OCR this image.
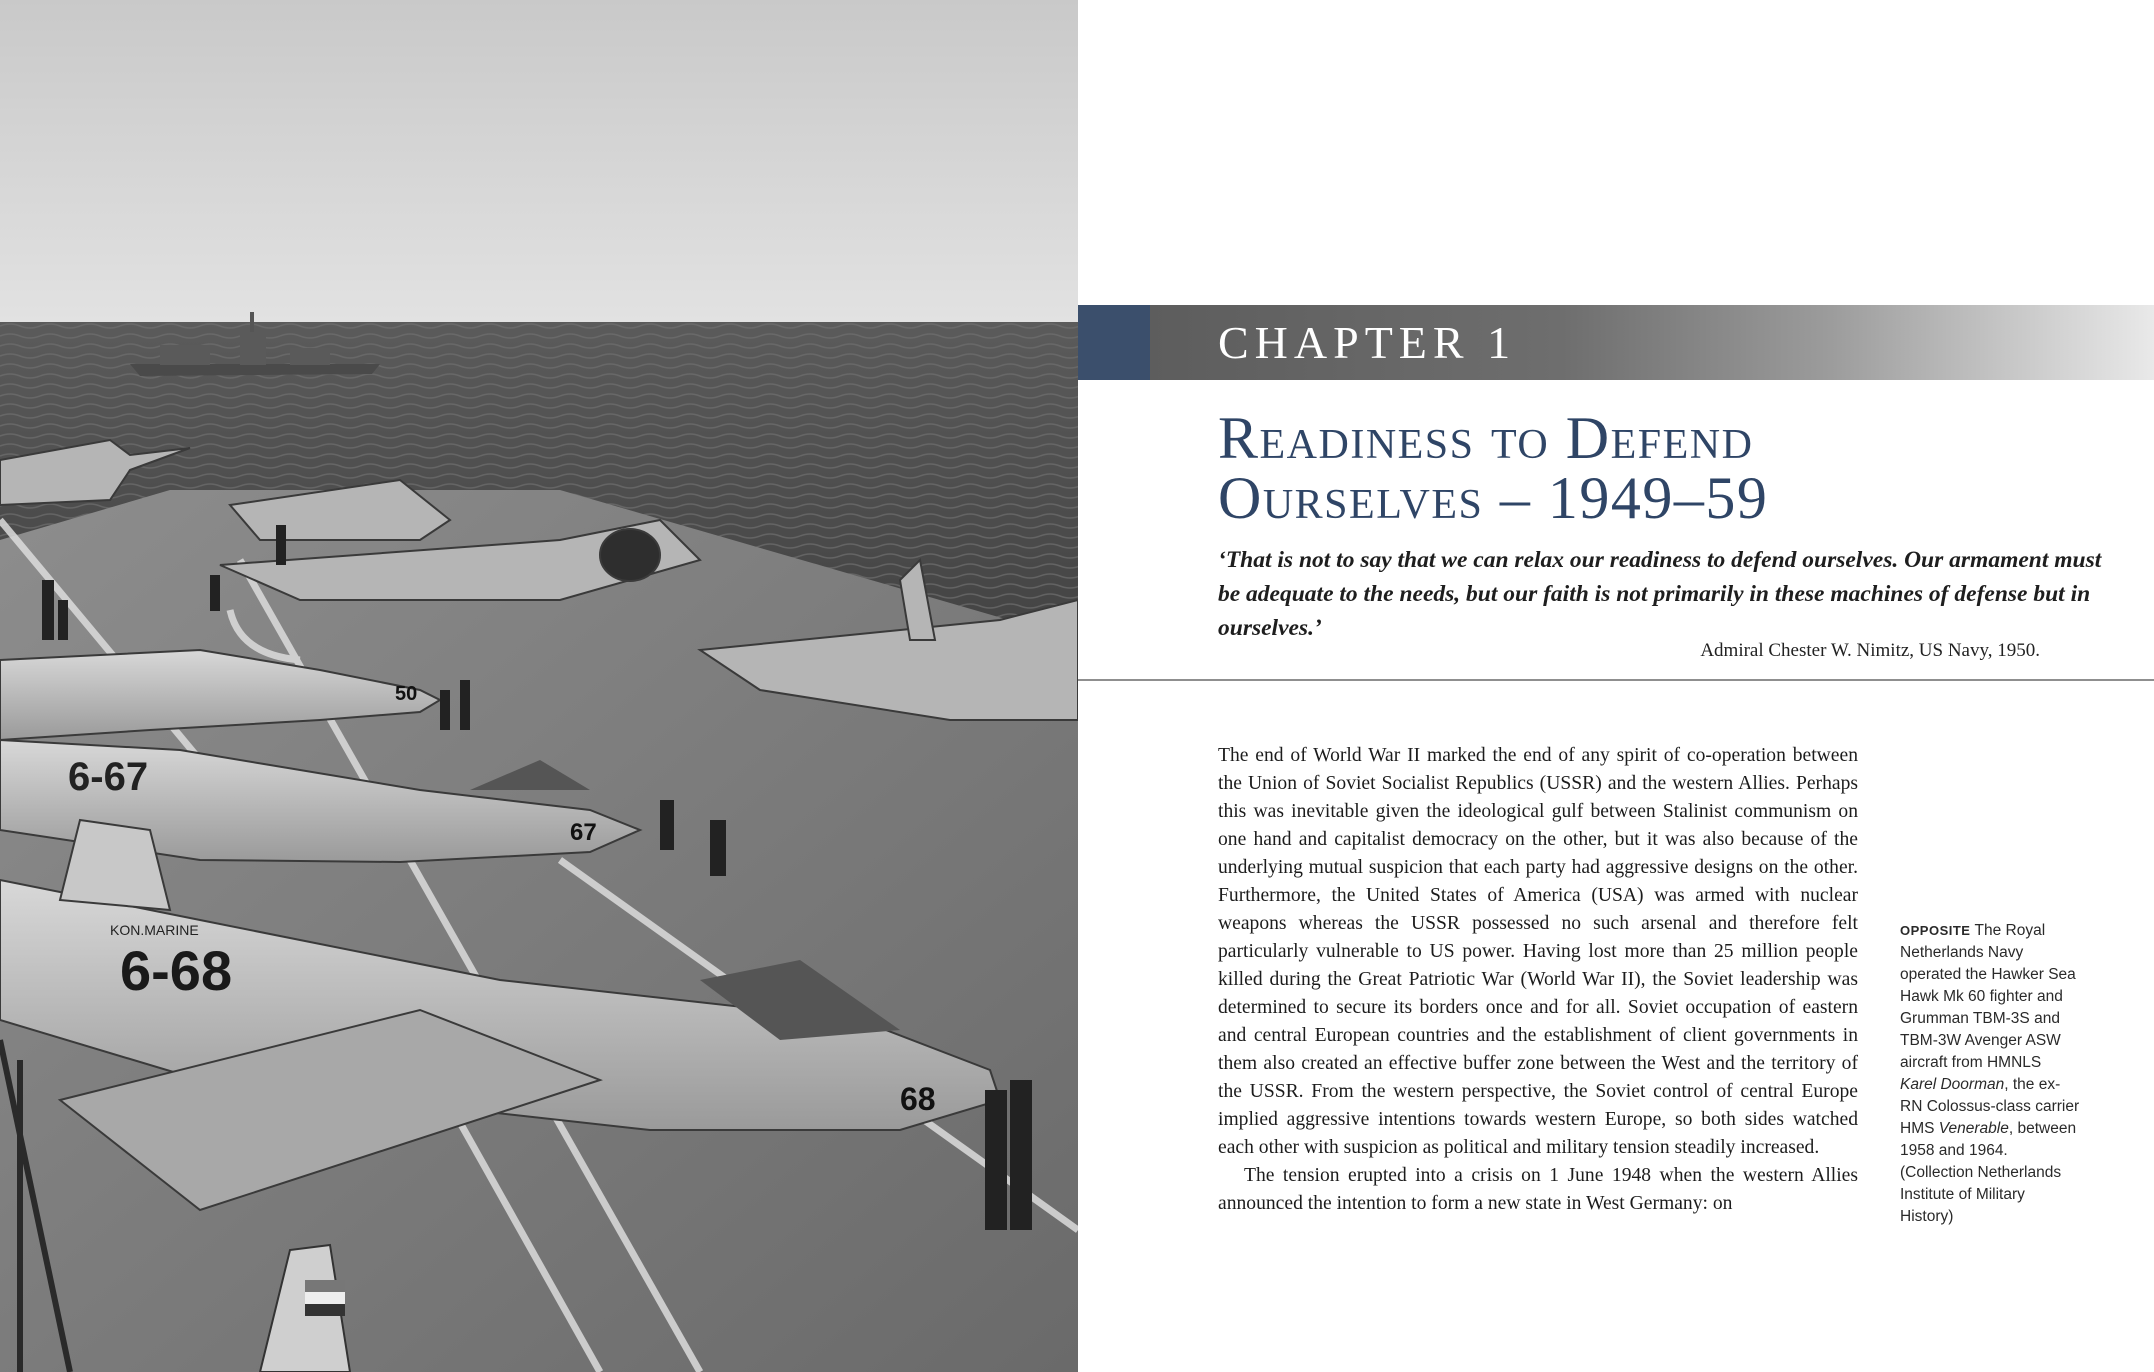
50
6-67
67
6-68
68
KON.MARINE
CHAPTER 1
Readiness to Defend
Ourselves – 1949–59
‘That is not to say that we can relax our readiness to defend ourselves. Our armament must be adequate to the needs, but our faith is not primarily in these machines of defense but in ourselves.’
Admiral Chester W. Nimitz, US Navy, 1950.

The end of World War II marked the end of any spirit of co-operation between the Union of Soviet Socialist Republics (USSR) and the western Allies. Perhaps this was inevitable given the ideological gulf between Stalinist communism on one hand and capitalist democracy on the other, but it was also because of the underlying mutual suspicion that each party had aggressive designs on the other. Furthermore, the United States of America (USA) was armed with nuclear weapons whereas the USSR possessed no such arsenal and therefore felt particularly vulnerable to US power. Having lost more than 25 million people killed during the Great Patriotic War (World War II), the Soviet leadership was determined to secure its borders once and for all. Soviet occupation of eastern and central European countries and the establishment of client governments in them also created an effective buffer zone between the West and the territory of the USSR. From the western perspective, the Soviet control of central Europe implied aggressive intentions towards western Europe, so both sides watched each other with suspicion as political and military tension steadily increased.

The tension erupted into a crisis on 1 June 1948 when the western Allies announced the intention to form a new state in West Germany: on

OPPOSITE The Royal Netherlands Navy operated the Hawker Sea Hawk Mk 60 fighter and Grumman TBM-3S and TBM-3W Avenger ASW aircraft from HMNLS Karel Doorman, the ex-RN Colossus-class carrier HMS Venerable, between 1958 and 1964. (Collection Netherlands Institute of Military History)
